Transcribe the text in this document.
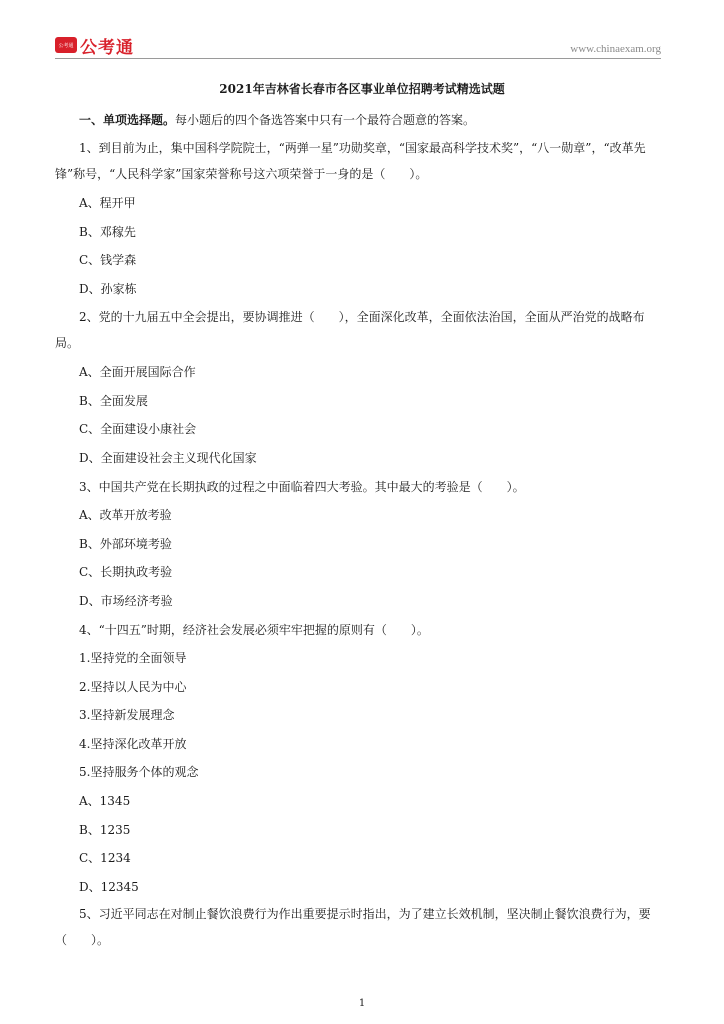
公考通 公考通	www.chinaexam.org
2021年吉林省长春市各区事业单位招聘考试精选试题

一、单项选择题。每小题后的四个备选答案中只有一个最符合题意的答案。

1、到目前为止，集中国科学院院士，“两弹一星”功勋奖章，“国家最高科学技术奖”，“八一勋章”，“改革先锋”称号，“人民科学家”国家荣誉称号这六项荣誉于一身的是（　　）。

A、程开甲

B、邓稼先

C、钱学森

D、孙家栋

2、党的十九届五中全会提出，要协调推进（　　），全面深化改革，全面依法治国，全面从严治党的战略布局。

A、全面开展国际合作

B、全面发展

C、全面建设小康社会

D、全面建设社会主义现代化国家

3、中国共产党在长期执政的过程之中面临着四大考验。其中最大的考验是（　　）。

A、改革开放考验

B、外部环境考验

C、长期执政考验

D、市场经济考验

4、“十四五”时期，经济社会发展必须牢牢把握的原则有（　　）。

1.坚持党的全面领导

2.坚持以人民为中心

3.坚持新发展理念

4.坚持深化改革开放

5.坚持服务个体的观念

A、1345

B、1235

C、1234

D、12345

5、习近平同志在对制止餐饮浪费行为作出重要提示时指出，为了建立长效机制，坚决制止餐饮浪费行为，要（　　）。

1
